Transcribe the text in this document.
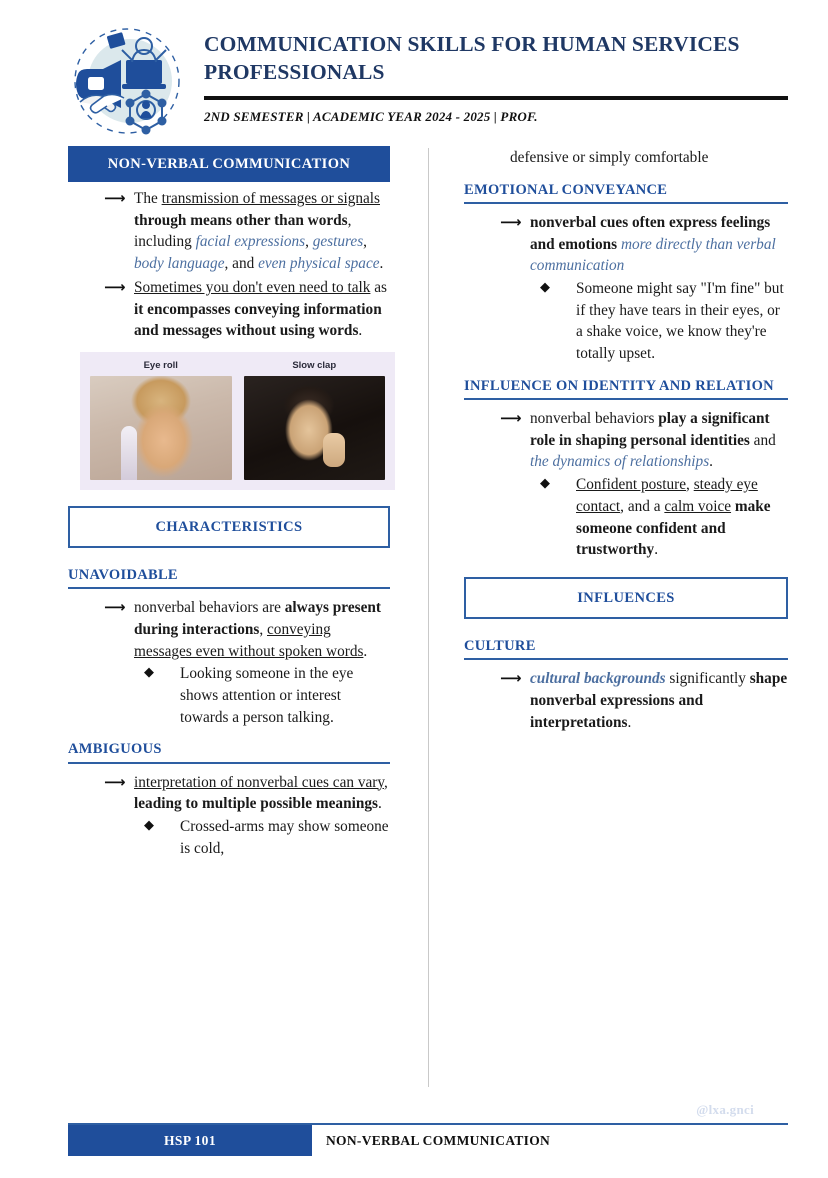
COMMUNICATION SKILLS FOR HUMAN SERVICES PROFESSIONALS
2ND SEMESTER | ACADEMIC YEAR 2024 - 2025 | PROF.
NON-VERBAL COMMUNICATION
⟶ The transmission of messages or signals through means other than words, including facial expressions, gestures, body language, and even physical space.
⟶ Sometimes you don't even need to talk as it encompasses conveying information and messages without using words.
Eye roll	Slow clap
CHARACTERISTICS
UNAVOIDABLE
⟶ nonverbal behaviors are always present during interactions, conveying messages even without spoken words.
◆ Looking someone in the eye shows attention or interest towards a person talking.
AMBIGUOUS
⟶ interpretation of nonverbal cues can vary, leading to multiple possible meanings.
◆ Crossed-arms may show someone is cold,
defensive or simply comfortable
EMOTIONAL CONVEYANCE
⟶ nonverbal cues often express feelings and emotions more directly than verbal communication
◆ Someone might say "I'm fine" but if they have tears in their eyes, or a shake voice, we know they're totally upset.
INFLUENCE ON IDENTITY AND RELATION
⟶ nonverbal behaviors play a significant role in shaping personal identities and the dynamics of relationships.
◆ Confident posture, steady eye contact, and a calm voice make someone confident and trustworthy.
INFLUENCES
CULTURE
⟶ cultural backgrounds significantly shape nonverbal expressions and interpretations.
@lxa.gnci
HSP 101	NON-VERBAL COMMUNICATION
